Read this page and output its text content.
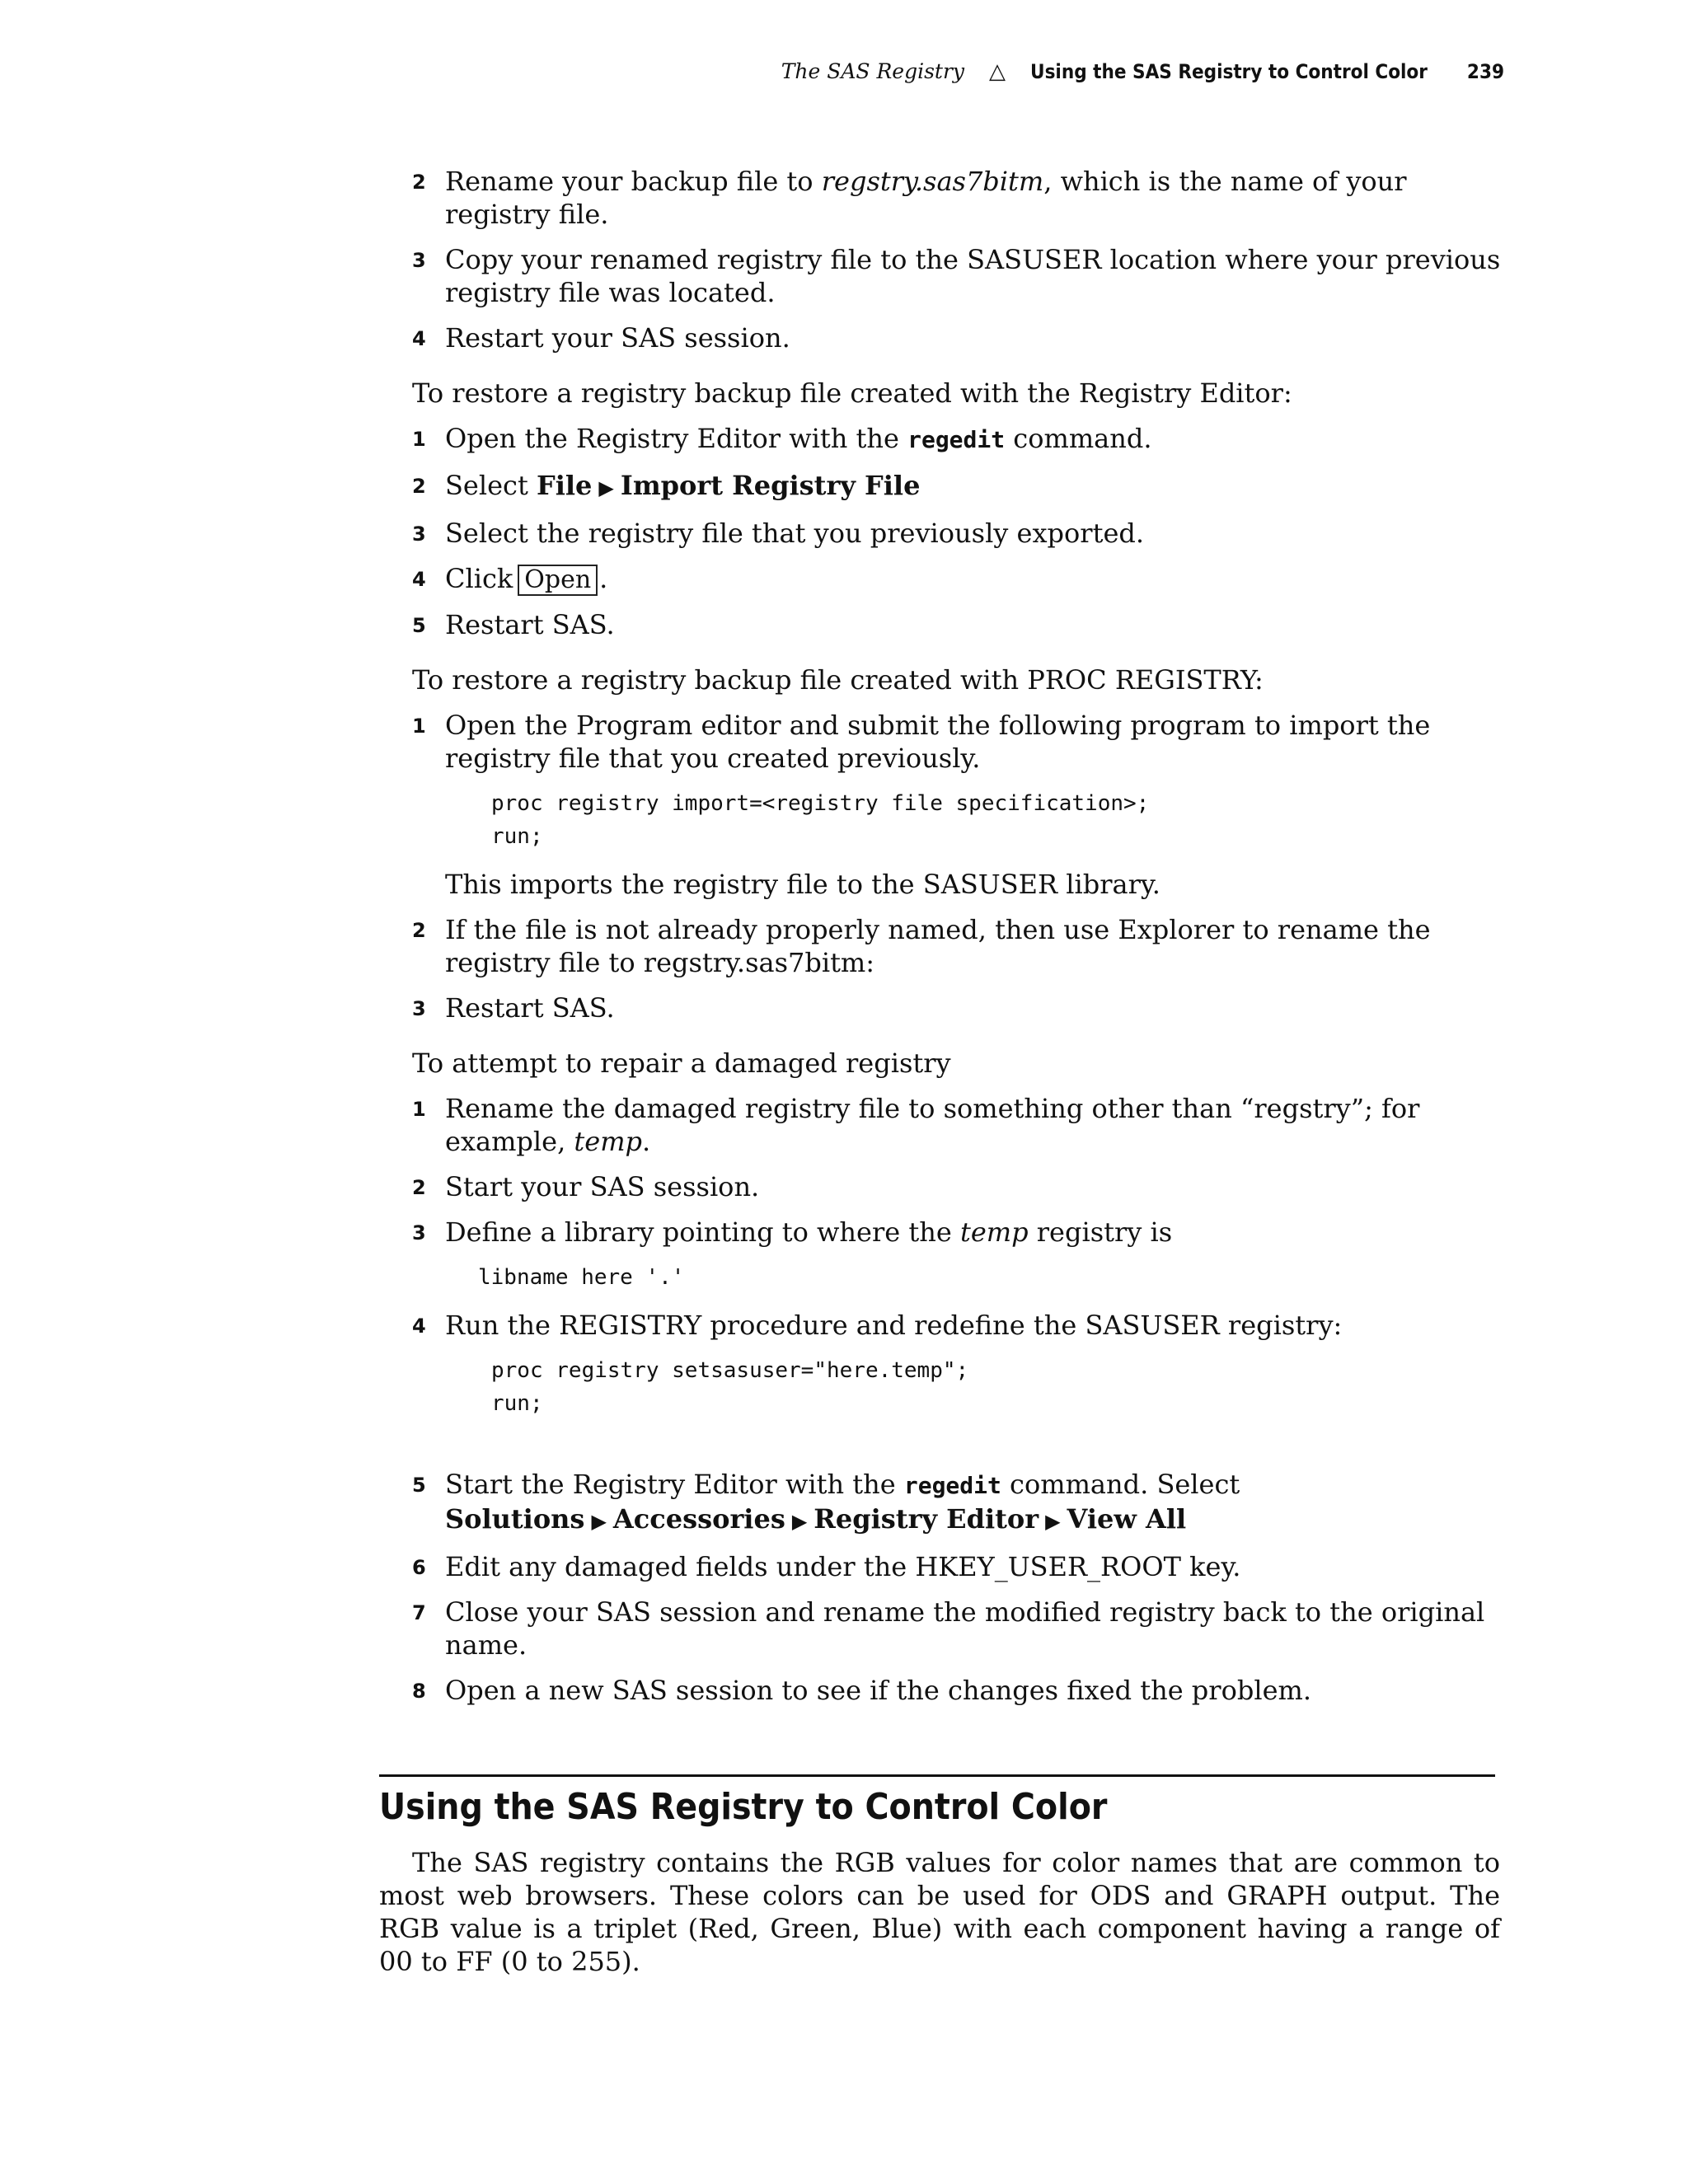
The SAS Registry △ Using the SAS Registry to Control Color 239
2 Rename your backup file to regstry.sas7bitm, which is the name of your registry file.
3 Copy your renamed registry file to the SASUSER location where your previous registry file was located.
4 Restart your SAS session.
To restore a registry backup file created with the Registry Editor:
1 Open the Registry Editor with the regedit command.
2 Select File ▶ Import Registry File
3 Select the registry file that you previously exported.
4 Click Open .
5 Restart SAS.
To restore a registry backup file created with PROC REGISTRY:
1 Open the Program editor and submit the following program to import the registry file that you created previously.
proc registry import=<registry file specification>;
run;
This imports the registry file to the SASUSER library.
2 If the file is not already properly named, then use Explorer to rename the registry file to regstry.sas7bitm:
3 Restart SAS.
To attempt to repair a damaged registry
1 Rename the damaged registry file to something other than “regstry”; for example, temp.
2 Start your SAS session.
3 Define a library pointing to where the temp registry is
libname here '.'
4 Run the REGISTRY procedure and redefine the SASUSER registry:
proc registry setsasuser="here.temp";
run;
5 Start the Registry Editor with the regedit command. Select Solutions ▶ Accessories ▶ Registry Editor ▶ View All
6 Edit any damaged fields under the HKEY_USER_ROOT key.
7 Close your SAS session and rename the modified registry back to the original name.
8 Open a new SAS session to see if the changes fixed the problem.
Using the SAS Registry to Control Color
The SAS registry contains the RGB values for color names that are common to most web browsers. These colors can be used for ODS and GRAPH output. The RGB value is a triplet (Red, Green, Blue) with each component having a range of 00 to FF (0 to 255).
